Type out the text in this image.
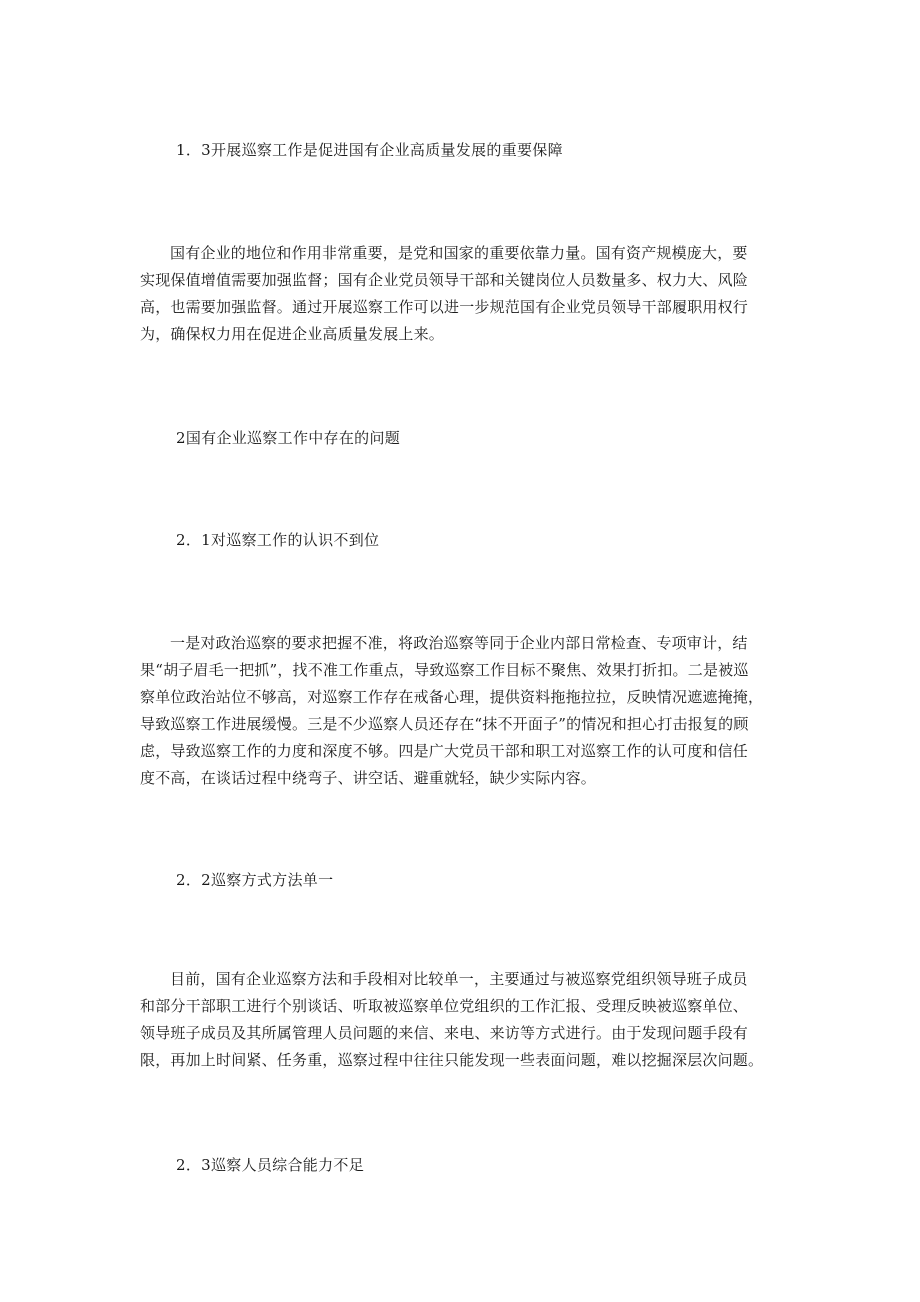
1．3开展巡察工作是促进国有企业高质量发展的重要保障
国有企业的地位和作用非常重要，是党和国家的重要依靠力量。国有资产规模庞大，要
实现保值增值需要加强监督；国有企业党员领导干部和关键岗位人员数量多、权力大、风险
高，也需要加强监督。通过开展巡察工作可以进一步规范国有企业党员领导干部履职用权行
为，确保权力用在促进企业高质量发展上来。
2国有企业巡察工作中存在的问题
2．1对巡察工作的认识不到位
一是对政治巡察的要求把握不准，将政治巡察等同于企业内部日常检查、专项审计，结
果“胡子眉毛一把抓”，找不准工作重点，导致巡察工作目标不聚焦、效果打折扣。二是被巡
察单位政治站位不够高，对巡察工作存在戒备心理，提供资料拖拖拉拉，反映情况遮遮掩掩，
导致巡察工作进展缓慢。三是不少巡察人员还存在“抹不开面子”的情况和担心打击报复的顾
虑，导致巡察工作的力度和深度不够。四是广大党员干部和职工对巡察工作的认可度和信任
度不高，在谈话过程中绕弯子、讲空话、避重就轻，缺少实际内容。
2．2巡察方式方法单一
目前，国有企业巡察方法和手段相对比较单一，主要通过与被巡察党组织领导班子成员
和部分干部职工进行个别谈话、听取被巡察单位党组织的工作汇报、受理反映被巡察单位、
领导班子成员及其所属管理人员问题的来信、来电、来访等方式进行。由于发现问题手段有
限，再加上时间紧、任务重，巡察过程中往往只能发现一些表面问题，难以挖掘深层次问题。
2．3巡察人员综合能力不足
